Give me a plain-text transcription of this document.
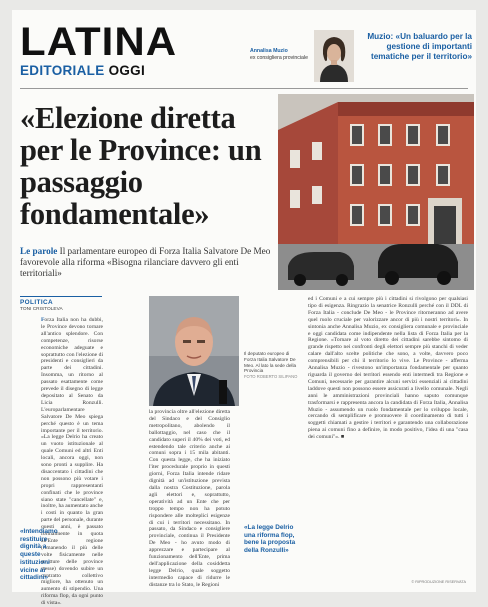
LATINA
EDITORIALE OGGI
Annalisa Muzio
ex consigliera provinciale
Muzio: «Un baluardo per la gestione di importanti tematiche per il territorio»
«Elezione diretta per le Province: un passaggio fondamentale»

Le parole Il parlamentare europeo di Forza Italia Salvatore De Meo favorevole alla riforma «Bisogna rilanciare davvero gli enti territoriali»

POLITICA
TONI CRISTOLEVA

Forza Italia non ha dubbi, le Province devono tornare all'antico splendore. Con competenze, risorse economiche adeguate e soprattutto con l'elezione di presidenti e consiglieri da parte dei cittadini. Insomma, un ritorno al passato esattamente come prevede il disegno di legge depositato al Senato da Licia Ronzulli. L'europarlamentare Salvatore De Meo spiega perché questo è un tema importante per il territorio. «La legge Delrio ha creato un vuoto istituzionale al quale Comuni ed altri Enti locali, ancora oggi, non sono pronti a supplire. Ha disaccentato i cittadini che non possono più votare i propri rappresentanti confinati che le province siano state "cancellate" e, inoltre, ha aumentato anche i costi in quanto la gran parte del personale, durante questi anni, è passato formalmente in quota all'Ente regione (rimanendo il più delle volte fisicamente nelle strutture delle province stesse) dovendo subire un contratto collettivo migliore, ha ottenuto un aumento di stipendio. Una riforma flop, da ogni punto di vista».

Il deputato europeo di Forza Italia Salvatore De Meo. Al lato la sede della Provincia
FOTO ROBERTO SILIPANO

la provincia oltre all'elezione diretta del Sindaco e del Consiglio metropolitano, abolendo il ballottaggio, nel caso che il candidato superi il 40% dei voti, ed estendendo tale criterio anche ai comuni sopra i 15 mila abitanti. Con questa legge, che ha iniziato l'iter procedurale proprio in questi giorni, Forza Italia intende ridare dignità ad un'istituzione prevista dalla nostra Costituzione, parola agli elettori e, soprattutto, operatività ad un Ente che per troppo tempo non ha potuto rispondere alle molteplici esigenze di cui i territori necessitano. In passato, da Sindaco e consigliere provinciale, continua il Presidente De Meo - ho avuto modo di apprezzare e partecipare al funzionamento dell'Ente, prima dell'applicazione della cosiddetta legge Delrio, quale soggetto intermedio capace di ridurre le distanze tra lo Stato, le Regioni

ed i Comuni e a cui sempre più i cittadini si rivolgono per qualsiasi tipo di esigenza. Ringrazio la senatrice Ronzulli perché con il DDL di Forza Italia - conclude De Meo - le Province ritorneranno ad avere quel ruolo cruciale per valorizzare ancor di più i nostri territori». In sintonia anche Annalisa Muzio, ex consigliera comunale e provinciale e oggi candidata come indipendente nella lista di Forza Italia per la Regione. «Tornare al voto diretto dei cittadini sarebbe sintomo di grande rispetto nei confronti degli elettori sempre più stanchi di veder calare dall'alto scelte politiche che sono, a volte, davvero poco comprensibili per chi il territorio lo vive. Le Province - afferma Annalisa Muzio - rivestono un'importanza fondamentale per quanto riguarda il governo dei territori essendo enti intermedi tra Regione e Comuni, necessarie per garantire alcuni servizi essenziali ai cittadini laddove questi non possono essere assicurati a livello comunale. Negli anni le amministrazioni provinciali hanno saputo comunque trasformarsi e rappresenta ancora la candidata di Forza Italia, Annalisa Muzio - assumendo un ruolo fondamentale per lo sviluppo locale, cercando di semplificare e promuovere il coordinamento di tutti i soggetti chiamati a gestire i territori e garantendo una collaborazione piena ai comuni fino a definire, in modo positivo, l'idea di una "casa dei comuni"». ■

«Intendiamo restituire dignità a queste istituzioni vicine ai cittadini»
«La legge Delrio una riforma flop, bene la proposta della Ronzulli»
© RIPRODUZIONE RISERVATA
